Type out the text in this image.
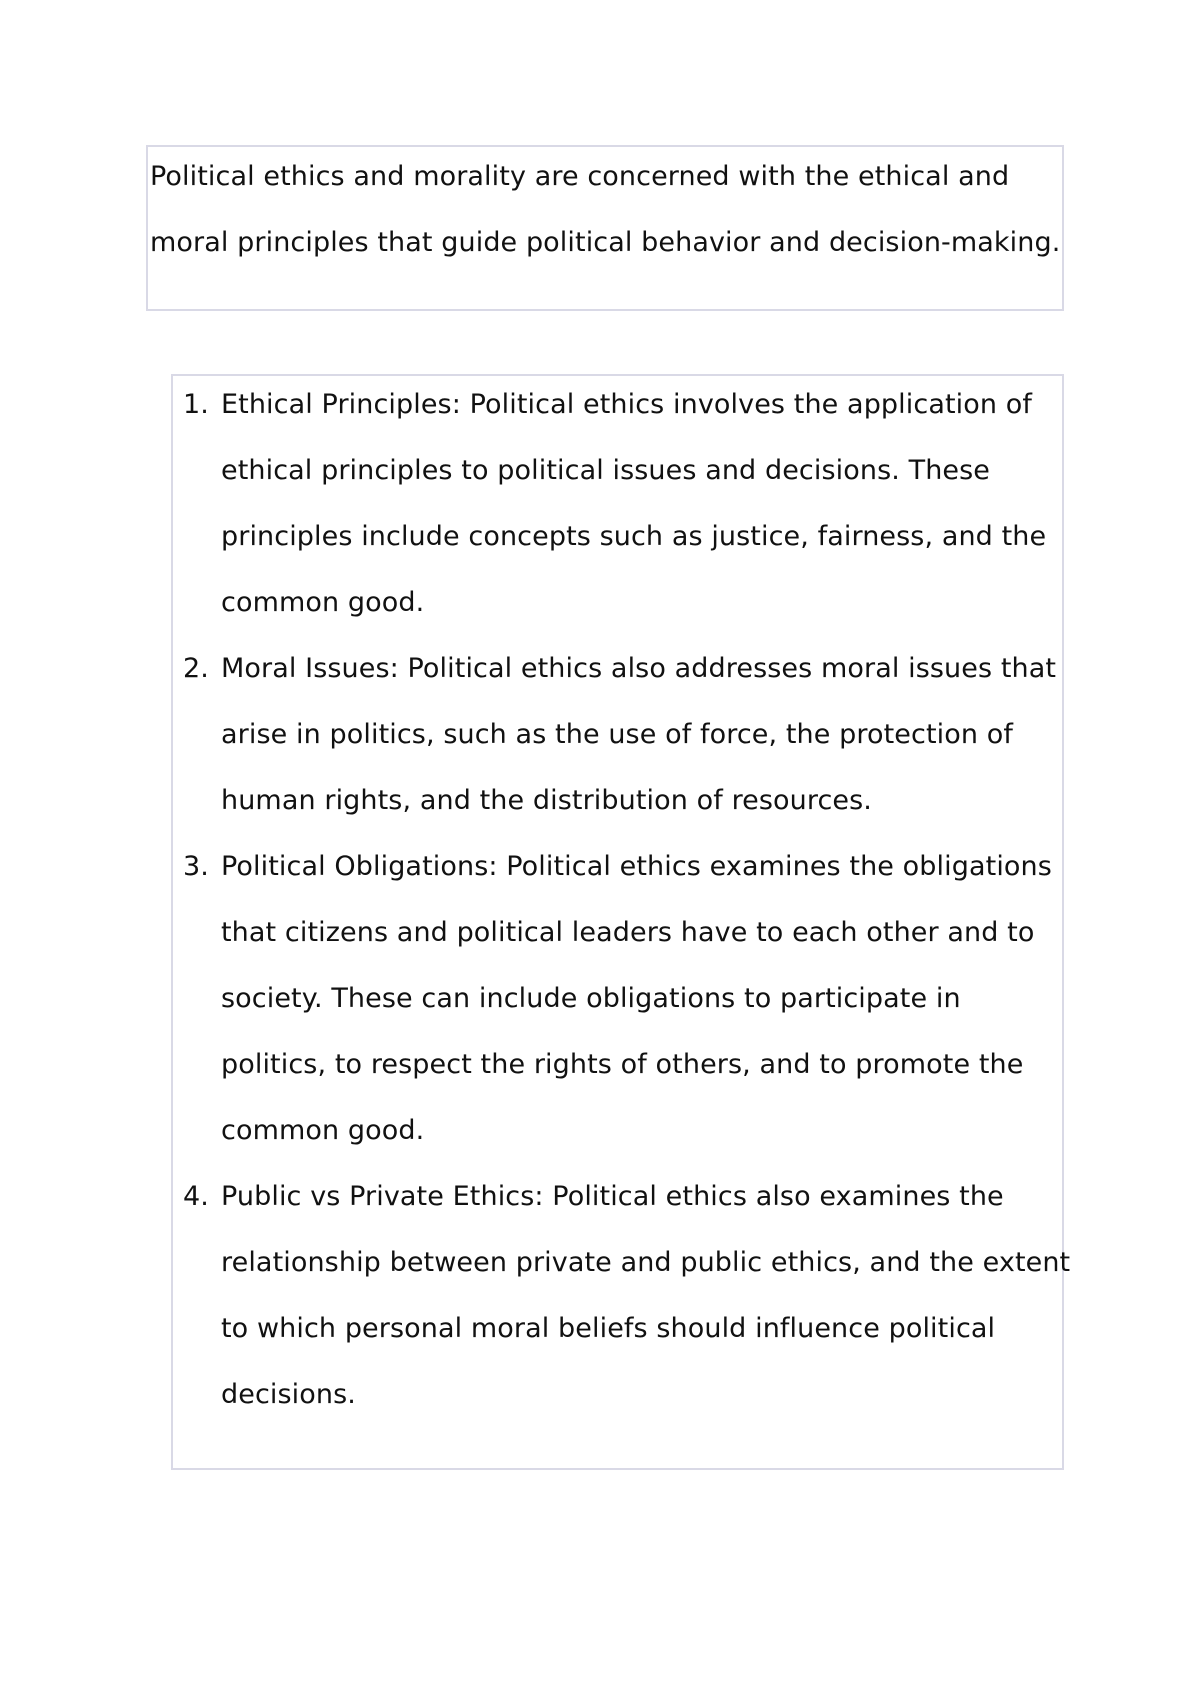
Political ethics and morality are concerned with the ethical and moral principles that guide political behavior and decision-making.

1. Ethical Principles: Political ethics involves the application of ethical principles to political issues and decisions. These principles include concepts such as justice, fairness, and the common good.
2. Moral Issues: Political ethics also addresses moral issues that arise in politics, such as the use of force, the protection of human rights, and the distribution of resources.
3. Political Obligations: Political ethics examines the obligations that citizens and political leaders have to each other and to society. These can include obligations to participate in politics, to respect the rights of others, and to promote the common good.
4. Public vs Private Ethics: Political ethics also examines the relationship between private and public ethics, and the extent to which personal moral beliefs should influence political decisions.
